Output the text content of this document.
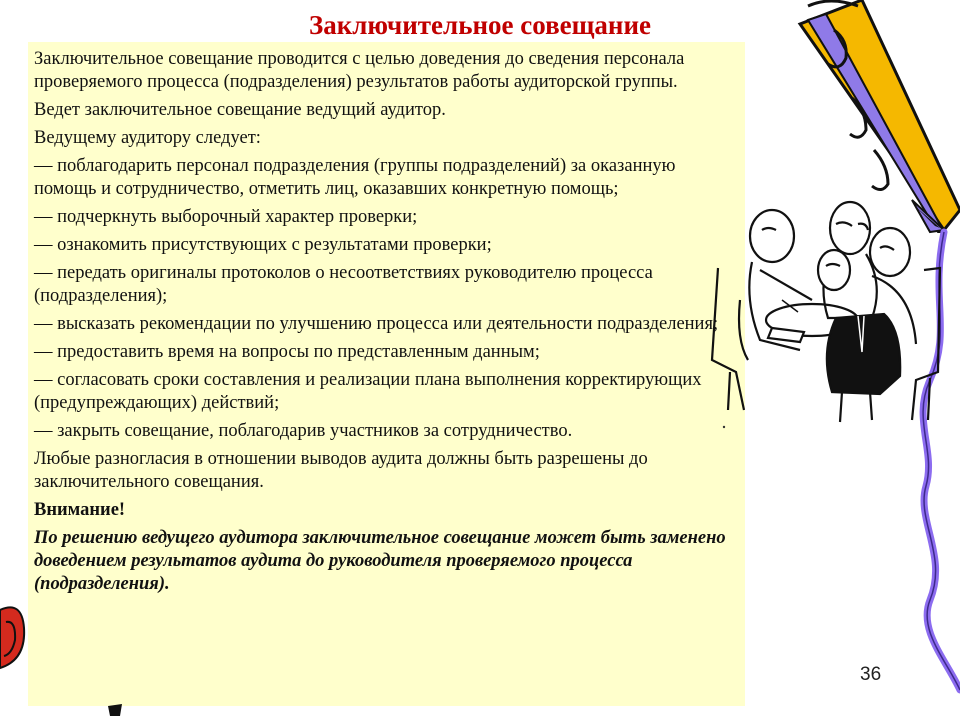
Заключительное совещание

Заключительное совещание проводится с целью доведения до сведения персонала проверяемого процесса (подразделения) результатов работы аудиторской группы.

Ведет заключительное совещание ведущий аудитор.

Ведущему аудитору следует:

— поблагодарить персонал подразделения (группы подразделений) за оказанную помощь и сотрудничество, отметить лиц, оказавших конкретную помощь;

— подчеркнуть выборочный характер проверки;

— ознакомить присутствующих с результатами проверки;

— передать оригиналы протоколов о несоответствиях руководителю процесса (подразделения);

— высказать рекомендации по улучшению процесса или деятельности подразделения;

— предоставить время на вопросы по представленным данным;

— согласовать сроки составления и реализации плана выполнения корректирующих (предупреждающих) действий;

— закрыть совещание, поблагодарив участников за сотрудничество.

Любые разногласия в отношении выводов аудита должны быть разрешены до заключительного совещания.

Внимание!

По решению ведущего аудитора заключительное совещание может быть заменено доведением результатов аудита до руководителя проверяемого процесса (подразделения).

36
